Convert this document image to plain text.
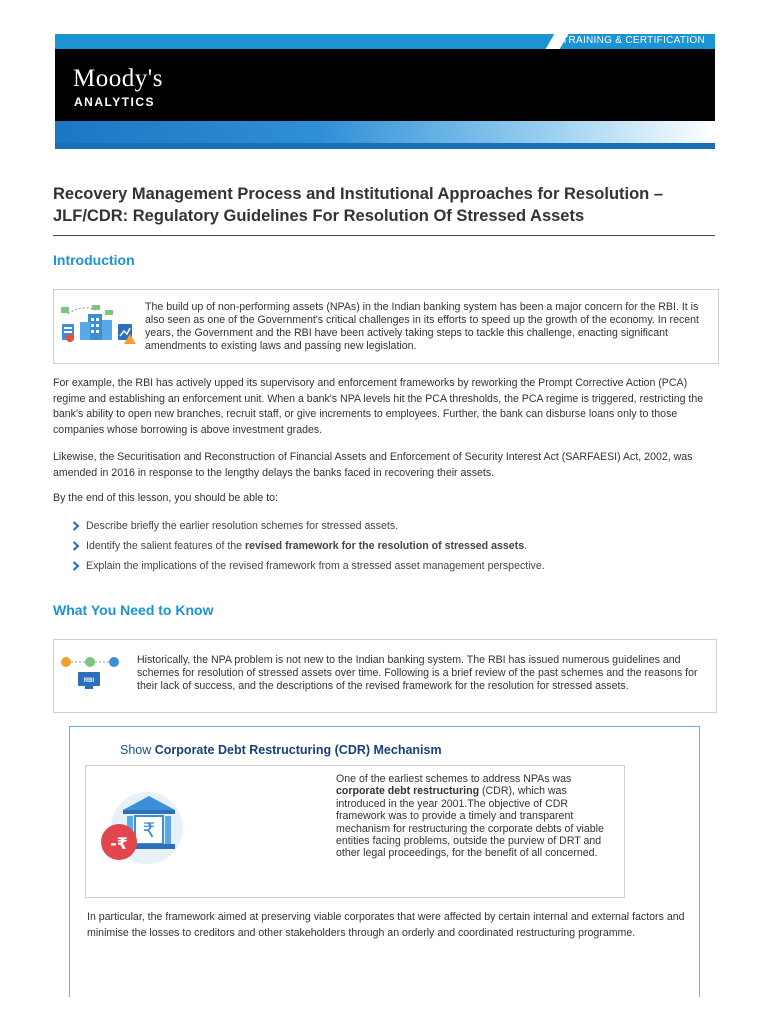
TRAINING & CERTIFICATION
Moody's
ANALYTICS
Recovery Management Process and Institutional Approaches for Resolution –
JLF/CDR: Regulatory Guidelines For Resolution Of Stressed Assets
Introduction
The build up of non-performing assets (NPAs) in the Indian banking system has been a major concern for the RBI. It is also seen as one of the Government's critical challenges in its efforts to speed up the growth of the economy. In recent years, the Government and the RBI have been actively taking steps to tackle this challenge, enacting significant amendments to existing laws and passing new legislation.
For example, the RBI has actively upped its supervisory and enforcement frameworks by reworking the Prompt Corrective Action (PCA) regime and establishing an enforcement unit. When a bank's NPA levels hit the PCA thresholds, the PCA regime is triggered, restricting the bank's ability to open new branches, recruit staff, or give increments to employees. Further, the bank can disburse loans only to those companies whose borrowing is above investment grades.
Likewise, the Securitisation and Reconstruction of Financial Assets and Enforcement of Security Interest Act (SARFAESI) Act, 2002, was amended in 2016 in response to the lengthy delays the banks faced in recovering their assets.
By the end of this lesson, you should be able to:
Describe briefly the earlier resolution schemes for stressed assets.
Identify the salient features of the revised framework for the resolution of stressed assets.
Explain the implications of the revised framework from a stressed asset management perspective.
What You Need to Know
RBI
Historically, the NPA problem is not new to the Indian banking system. The RBI has issued numerous guidelines and schemes for resolution of stressed assets over time. Following is a brief review of the past schemes and the reasons for their lack of success, and the descriptions of the revised framework for the resolution for stressed assets.
Show Corporate Debt Restructuring (CDR) Mechanism
₹
-₹
One of the earliest schemes to address NPAs was corporate debt restructuring (CDR), which was introduced in the year 2001.The objective of CDR framework was to provide a timely and transparent mechanism for restructuring the corporate debts of viable entities facing problems, outside the purview of DRT and other legal proceedings, for the benefit of all concerned.
In particular, the framework aimed at preserving viable corporates that were affected by certain internal and external factors and minimise the losses to creditors and other stakeholders through an orderly and coordinated restructuring programme.
